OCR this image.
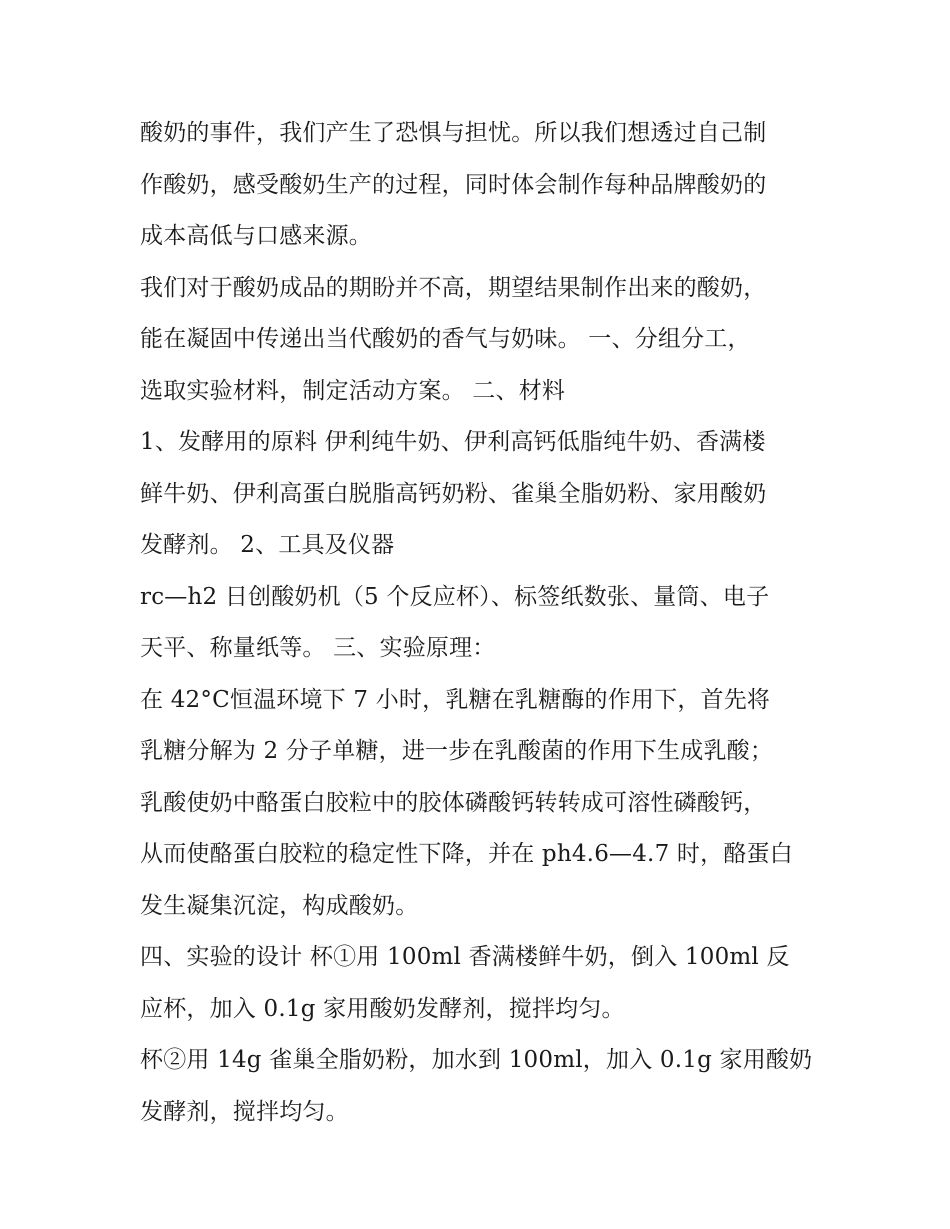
酸奶的事件，我们产生了恐惧与担忧。所以我们想透过自己制
作酸奶，感受酸奶生产的过程，同时体会制作每种品牌酸奶的
成本高低与口感来源。
我们对于酸奶成品的期盼并不高，期望结果制作出来的酸奶，
能在凝固中传递出当代酸奶的香气与奶味。 一、分组分工，
选取实验材料，制定活动方案。 二、材料
1、发酵用的原料 伊利纯牛奶、伊利高钙低脂纯牛奶、香满楼
鲜牛奶、伊利高蛋白脱脂高钙奶粉、雀巢全脂奶粉、家用酸奶
发酵剂。 2、工具及仪器
rc—h2 日创酸奶机（5 个反应杯）、标签纸数张、量筒、电子
天平、称量纸等。 三、实验原理：
在 42°C恒温环境下 7 小时，乳糖在乳糖酶的作用下，首先将
乳糖分解为 2 分子单糖，进一步在乳酸菌的作用下生成乳酸；
乳酸使奶中酪蛋白胶粒中的胶体磷酸钙转转成可溶性磷酸钙，
从而使酪蛋白胶粒的稳定性下降，并在 ph4.6—4.7 时，酪蛋白
发生凝集沉淀，构成酸奶。
四、实验的设计 杯①用 100ml 香满楼鲜牛奶，倒入 100ml 反
应杯，加入 0.1g 家用酸奶发酵剂，搅拌均匀。
杯②用 14g 雀巢全脂奶粉，加水到 100ml，加入 0.1g 家用酸奶
发酵剂，搅拌均匀。
